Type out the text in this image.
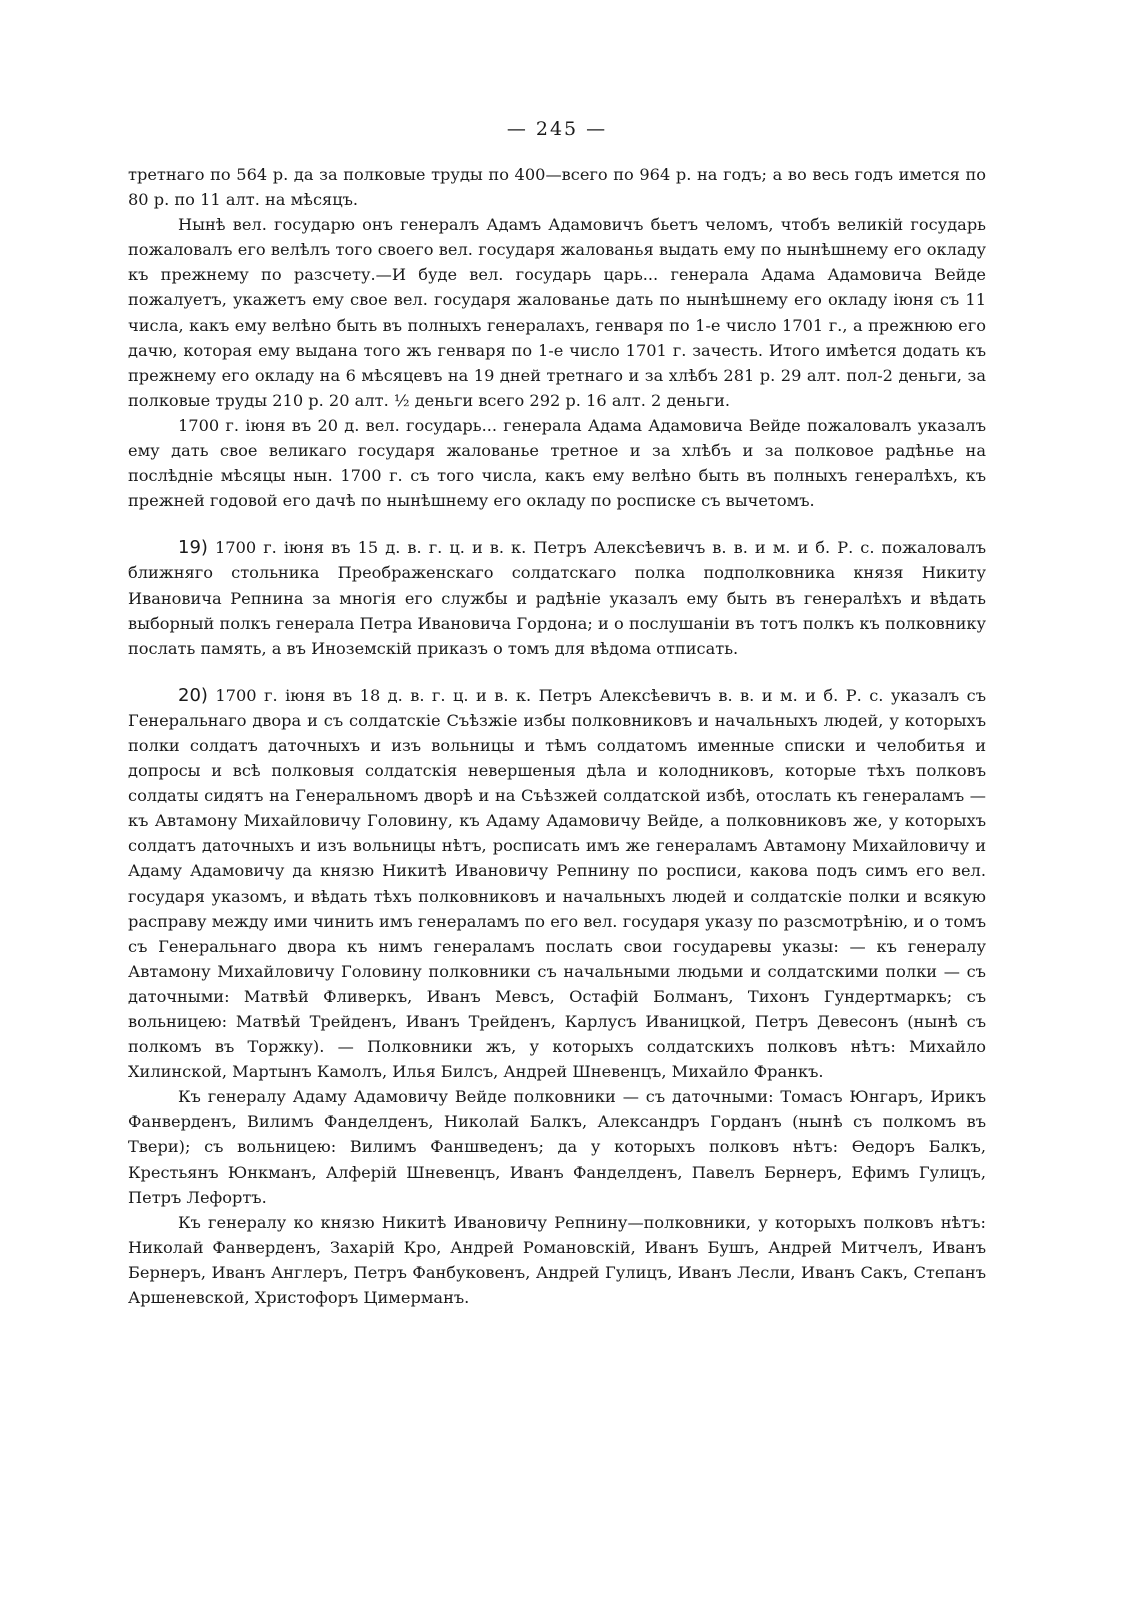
— 245 —

третнаго по 564 р. да за полковые труды по 400—всего по 964 р. на годъ; а во весь годъ имется по 80 р. по 11 алт. на мѣсяцъ.

Нынѣ вел. государю онъ генералъ Адамъ Адамовичъ бьетъ челомъ, чтобъ великій государь пожаловалъ его велѣлъ того своего вел. государя жалованья выдать ему по нынѣшнему его окладу къ прежнему по разсчету.—И буде вел. государь царь... генерала Адама Адамовича Вейде пожалуетъ, укажетъ ему свое вел. государя жалованье дать по нынѣшнему его окладу іюня съ 11 числа, какъ ему велѣно быть въ полныхъ генералахъ, генваря по 1-е число 1701 г., а прежнюю его дачю, которая ему выдана того жъ генваря по 1-е число 1701 г. зачесть. Итого имѣется додать къ прежнему его окладу на 6 мѣсяцевъ на 19 дней третнаго и за хлѣбъ 281 р. 29 алт. пол-2 деньги, за полковые труды 210 р. 20 алт. ½ деньги всего 292 р. 16 алт. 2 деньги.

1700 г. іюня въ 20 д. вел. государь... генерала Адама Адамовича Вейде пожаловалъ указалъ ему дать свое великаго государя жалованье третное и за хлѣбъ и за полковое радѣнье на послѣдніе мѣсяцы нын. 1700 г. съ того числа, какъ ему велѣно быть въ полныхъ генералѣхъ, къ прежней годовой его дачѣ по нынѣшнему его окладу по росписке съ вычетомъ.

19) 1700 г. іюня въ 15 д. в. г. ц. и в. к. Петръ Алексѣевичъ в. в. и м. и б. Р. с. пожаловалъ ближняго стольника Преображенскаго солдатскаго полка подполковника князя Никиту Ивановича Репнина за многія его службы и радѣніе указалъ ему быть въ генералѣхъ и вѣдать выборный полкъ генерала Петра Ивановича Гордона; и о послушаніи въ тотъ полкъ къ полковнику послать память, а въ Иноземскій приказъ о томъ для вѣдома отписать.

20) 1700 г. іюня въ 18 д. в. г. ц. и в. к. Петръ Алексѣевичъ в. в. и м. и б. Р. с. указалъ съ Генеральнаго двора и съ солдатскіе Съѣзжіе избы полковниковъ и начальныхъ людей, у которыхъ полки солдатъ даточныхъ и изъ вольницы и тѣмъ солдатомъ именные списки и челобитья и допросы и всѣ полковыя солдатскія невершеныя дѣла и колодниковъ, которые тѣхъ полковъ солдаты сидятъ на Генеральномъ дворѣ и на Съѣзжей солдатской избѣ, отослать къ генераламъ — къ Автамону Михайловичу Головину, къ Адаму Адамовичу Вейде, а полковниковъ же, у которыхъ солдатъ даточныхъ и изъ вольницы нѣтъ, росписать имъ же генераламъ Автамону Михайловичу и Адаму Адамовичу да князю Никитѣ Ивановичу Репнину по росписи, какова подъ симъ его вел. государя указомъ, и вѣдать тѣхъ полковниковъ и начальныхъ людей и солдатскіе полки и всякую расправу между ими чинить имъ генераламъ по его вел. государя указу по разсмотрѣнію, и о томъ съ Генеральнаго двора къ нимъ генераламъ послать свои государевы указы: — къ генералу Автамону Михайловичу Головину полковники съ начальными людьми и солдатскими полки — съ даточными: Матвѣй Фливеркъ, Иванъ Мевсъ, Остафій Болманъ, Тихонъ Гундертмаркъ; съ вольницею: Матвѣй Трейденъ, Иванъ Трейденъ, Карлусъ Иваницкой, Петръ Девесонъ (нынѣ съ полкомъ въ Торжку). — Полковники жъ, у которыхъ солдатскихъ полковъ нѣтъ: Михайло Хилинской, Мартынъ Камолъ, Илья Билсъ, Андрей Шневенцъ, Михайло Франкъ.

Къ генералу Адаму Адамовичу Вейде полковники — съ даточными: Томасъ Юнгаръ, Ирикъ Фанверденъ, Вилимъ Фанделденъ, Николай Балкъ, Александръ Горданъ (нынѣ съ полкомъ въ Твери); съ вольницею: Вилимъ Фаншведенъ; да у которыхъ полковъ нѣтъ: Ѳедоръ Балкъ, Крестьянъ Юнкманъ, Алферій Шневенцъ, Иванъ Фанделденъ, Павелъ Бернеръ, Ефимъ Гулицъ, Петръ Лефортъ.

Къ генералу ко князю Никитѣ Ивановичу Репнину—полковники, у которыхъ полковъ нѣтъ: Николай Фанверденъ, Захарій Кро, Андрей Романовскій, Иванъ Бушъ, Андрей Митчелъ, Иванъ Бернеръ, Иванъ Англеръ, Петръ Фанбуковенъ, Андрей Гулицъ, Иванъ Лесли, Иванъ Сакъ, Степанъ Аршеневской, Христофоръ Цимерманъ.
